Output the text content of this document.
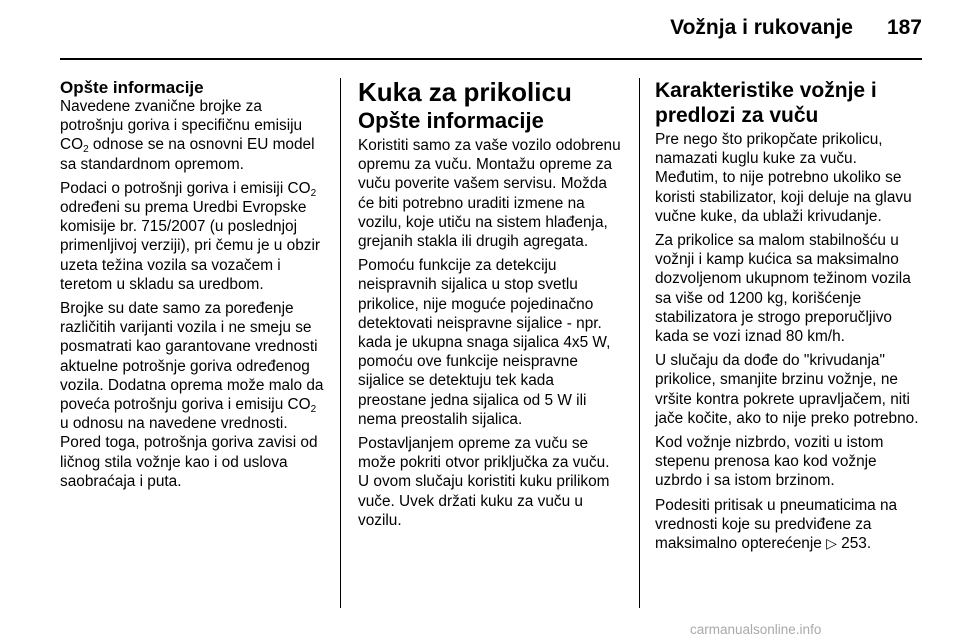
Vožnja i rukovanje 187
Opšte informacije

Navedene zvanične brojke za potrošnju goriva i specifičnu emisiju $CO_2$ odnose se na osnovni EU model sa standardnom opremom.

Podaci o potrošnji goriva i emisiji $CO_2$ određeni su prema Uredbi Evropske komisije br. 715/2007 (u poslednjoj primenljivoj verziji), pri čemu je u obzir uzeta težina vozila sa vozačem i teretom u skladu sa uredbom.

Brojke su date samo za poređenje različitih varijanti vozila i ne smeju se posmatrati kao garantovane vrednosti aktuelne potrošnje goriva određenog vozila. Dodatna oprema može malo da poveća potrošnju goriva i emisiju $CO_2$ u odnosu na navedene vrednosti. Pored toga, potrošnja goriva zavisi od ličnog stila vožnje kao i od uslova saobraćaja i puta.

Kuka za prikolicu
Opšte informacije

Koristiti samo za vaše vozilo odobrenu opremu za vuču. Montažu opreme za vuču poverite vašem servisu. Možda će biti potrebno uraditi izmene na vozilu, koje utiču na sistem hlađenja, grejanih stakla ili drugih agregata.

Pomoću funkcije za detekciju neispravnih sijalica u stop svetlu prikolice, nije moguće pojedinačno detektovati neispravne sijalice - npr. kada je ukupna snaga sijalica 4x5 W, pomoću ove funkcije neispravne sijalice se detektuju tek kada preostane jedna sijalica od 5 W ili nema preostalih sijalica.

Postavljanjem opreme za vuču se može pokriti otvor priključka za vuču. U ovom slučaju koristiti kuku prilikom vuče. Uvek držati kuku za vuču u vozilu.

Karakteristike vožnje i predlozi za vuču

Pre nego što prikopčate prikolicu, namazati kuglu kuke za vuču. Međutim, to nije potrebno ukoliko se koristi stabilizator, koji deluje na glavu vučne kuke, da ublaži krivudanje.

Za prikolice sa malom stabilnošću u vožnji i kamp kućica sa maksimalno dozvoljenom ukupnom težinom vozila sa više od 1200 kg, korišćenje stabilizatora je strogo preporučljivo kada se vozi iznad 80 km/h.

U slučaju da dođe do "krivudanja" prikolice, smanjite brzinu vožnje, ne vršite kontra pokrete upravljačem, niti jače kočite, ako to nije preko potrebno.

Kod vožnje nizbrdo, voziti u istom stepenu prenosa kao kod vožnje uzbrdo i sa istom brzinom.

Podesiti pritisak u pneumaticima na vrednosti koje su predviđene za maksimalno opterećenje ▷ 253.

carmanualsonline.info
